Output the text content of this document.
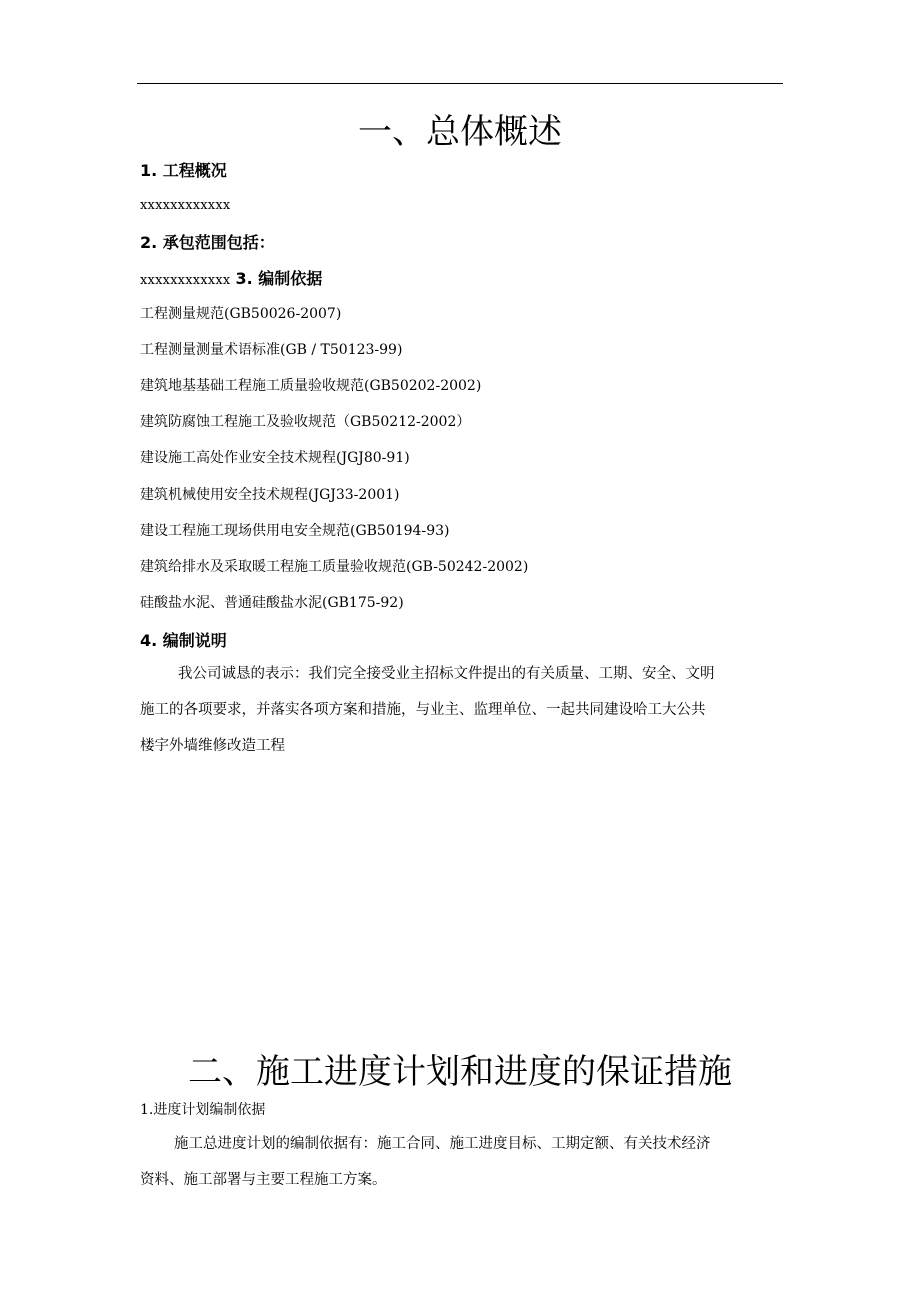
一、总体概述
1. 工程概况
xxxxxxxxxxxx
2. 承包范围包括：
xxxxxxxxxxxx 3. 编制依据
工程测量规范(GB50026-2007)
工程测量测量术语标准(GB / T50123-99)
建筑地基基础工程施工质量验收规范(GB50202-2002)
建筑防腐蚀工程施工及验收规范（GB50212-2002）
建设施工高处作业安全技术规程(JGJ80-91)
建筑机械使用安全技术规程(JGJ33-2001)
建设工程施工现场供用电安全规范(GB50194-93)
建筑给排水及采取暖工程施工质量验收规范(GB-50242-2002)
硅酸盐水泥、普通硅酸盐水泥(GB175-92)
4. 编制说明
我公司诚恳的表示：我们完全接受业主招标文件提出的有关质量、工期、安全、文明
施工的各项要求，并落实各项方案和措施，与业主、监理单位、一起共同建设哈工大公共
楼宇外墙维修改造工程
二、施工进度计划和进度的保证措施
1.进度计划编制依据
施工总进度计划的编制依据有：施工合同、施工进度目标、工期定额、有关技术经济
资料、施工部署与主要工程施工方案。
